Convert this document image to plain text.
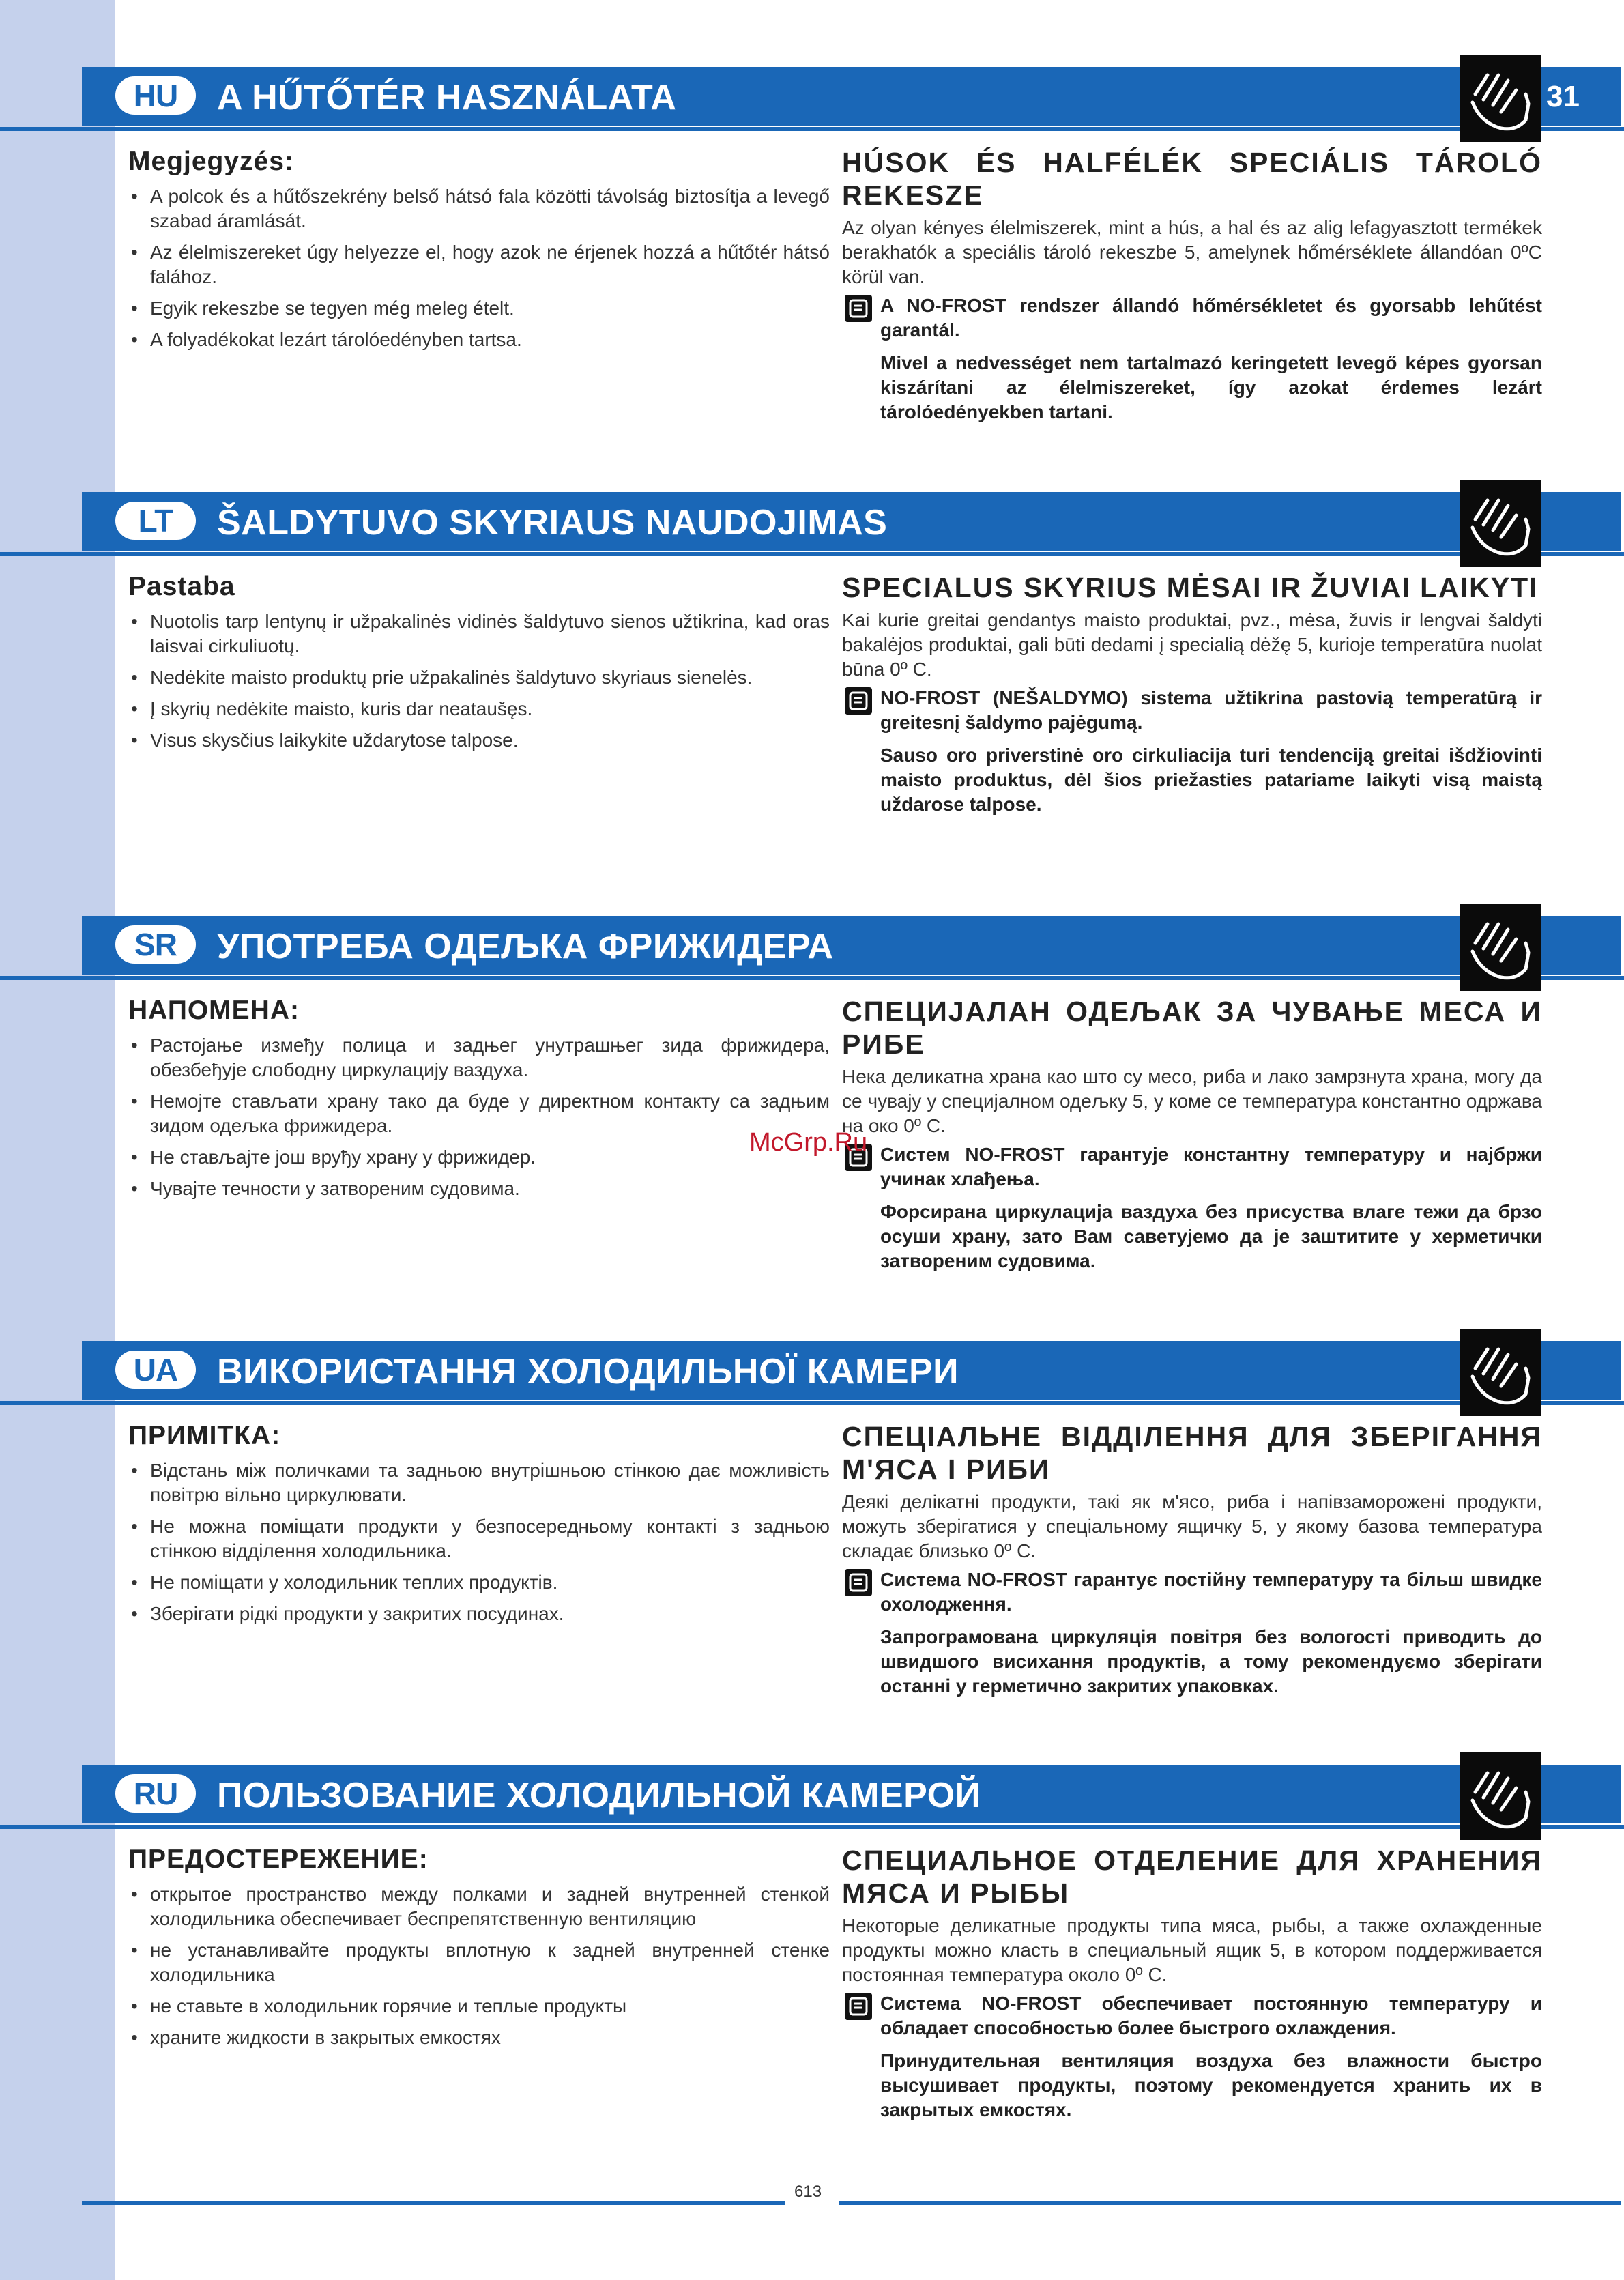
HU	A HŰTŐTÉR HASZNÁLATA	31
Megjegyzés:
• A polcok és a hűtőszekrény belső hátsó fala közötti távolság biztosítja a levegő szabad áramlását.
• Az élelmiszereket úgy helyezze el, hogy azok ne érjenek hozzá a hűtőtér hátsó falához.
• Egyik rekeszbe se tegyen még meleg ételt.
• A folyadékokat lezárt tárolóedényben tartsa.
HÚSOK ÉS HALFÉLÉK SPECIÁLIS TÁROLÓ REKESZE
Az olyan kényes élelmiszerek, mint a hús, a hal és az alig lefagyasztott termékek berakhatók a speciális tároló rekeszbe 5, amelynek hőmérséklete állandóan 0ºC körül van.
A NO-FROST rendszer állandó hőmérsékletet és gyorsabb lehűtést garantál.
Mivel a nedvességet nem tartalmazó keringetett levegő képes gyorsan kiszárítani az élelmiszereket, így azokat érdemes lezárt tárolóedényekben tartani.
LT	ŠALDYTUVO SKYRIAUS NAUDOJIMAS
Pastaba
• Nuotolis tarp lentynų ir užpakalinės vidinės šaldytuvo sienos užtikrina, kad oras laisvai cirkuliuotų.
• Nedėkite maisto produktų prie užpakalinės šaldytuvo skyriaus sienelės.
• Į skyrių nedėkite maisto, kuris dar neataušęs.
• Visus skysčius laikykite uždarytose talpose.
SPECIALUS SKYRIUS MĖSAI IR ŽUVIAI LAIKYTI
Kai kurie greitai gendantys maisto produktai, pvz., mėsa, žuvis ir lengvai šaldyti bakalėjos produktai, gali būti dedami į specialią dėžę 5, kurioje temperatūra nuolat būna 0º C.
NO-FROST (NEŠALDYMO) sistema užtikrina pastovią temperatūrą ir greitesnį šaldymo pajėgumą.
Sauso oro priverstinė oro cirkuliacija turi tendenciją greitai išdžiovinti maisto produktus, dėl šios priežasties patariame laikyti visą maistą uždarose talpose.
SR	УПОТРЕБА ОДЕЉКА ФРИЖИДЕРА
НАПОМЕНА:
• Растојање између полица и задњег унутрашњег зида фрижидера, обезбеђује слободну циркулацију ваздуха.
• Немојте стављати храну тако да буде у директном контакту са задњим зидом одељка фрижидера.
• Не стављајте још вруђу храну у фрижидер.
• Чувајте течности у затвореним судовима.
СПЕЦИЈАЛАН ОДЕЉАК ЗА ЧУВАЊЕ МЕСА И РИБЕ
Нека деликатна храна као што су месо, риба и лако замрзнута храна, могу да се чувају у специјалном одељку 5, у коме се температура константно одржава на око 0º C.
Систем NO-FROST гарантује константну температуру и најбржи учинак хлађења.
Форсирана циркулација ваздуха без присуства влаге тежи да брзо осуши храну, зато Вам саветујемо да је заштитите у херметички затвореним судовима.
UA	ВИКОРИСТАННЯ ХОЛОДИЛЬНОЇ КАМЕРИ
ПРИМІТКА:
• Відстань між поличками та задньою внутрішньою стінкою дає можливість повітрю вільно циркулювати.
• Не можна поміщати продукти у безпосередньому контакті з задньою стінкою відділення холодильника.
• Не поміщати у холодильник теплих продуктів.
• Зберігати рідкі продукти у закритих посудинах.
СПЕЦІАЛЬНЕ ВІДДІЛЕННЯ ДЛЯ ЗБЕРІГАННЯ М'ЯСА І РИБИ
Деякі делікатні продукти, такі як м'ясо, риба і напівзаморожені продукти, можуть зберігатися у спеціальному ящичку 5, у якому базова температура складає близько 0º С.
Система NO-FROST гарантує постійну температуру та більш швидке охолодження.
Запрограмована циркуляція повітря без вологості приводить до швидшого висихання продуктів, а тому рекомендуємо зберігати останні у герметично закритих упаковках.
RU	ПОЛЬЗОВАНИЕ ХОЛОДИЛЬНОЙ КАМЕРОЙ
ПРЕДОСТЕРЕЖЕНИЕ:
• открытое пространство между полками и задней внутренней стенкой холодильника обеспечивает беспрепятственную вентиляцию
• не устанавливайте продукты вплотную к задней внутренней стенке холодильника
• не ставьте в холодильник горячие и теплые продукты
• храните жидкости в закрытых емкостях
СПЕЦИАЛЬНОЕ ОТДЕЛЕНИЕ ДЛЯ ХРАНЕНИЯ МЯСА И РЫБЫ
Некоторые деликатные продукты типа мяса, рыбы, а также охлажденные продукты можно класть в специальный ящик 5, в котором поддерживается постоянная температура около 0º С.
Система NO-FROST обеспечивает постоянную температуру и обладает способностью более быстрого охлаждения.
Принудительная вентиляция воздуха без влажности быстро высушивает продукты, поэтому рекомендуется хранить их в закрытых емкостях.
McGrp.Ru
613
